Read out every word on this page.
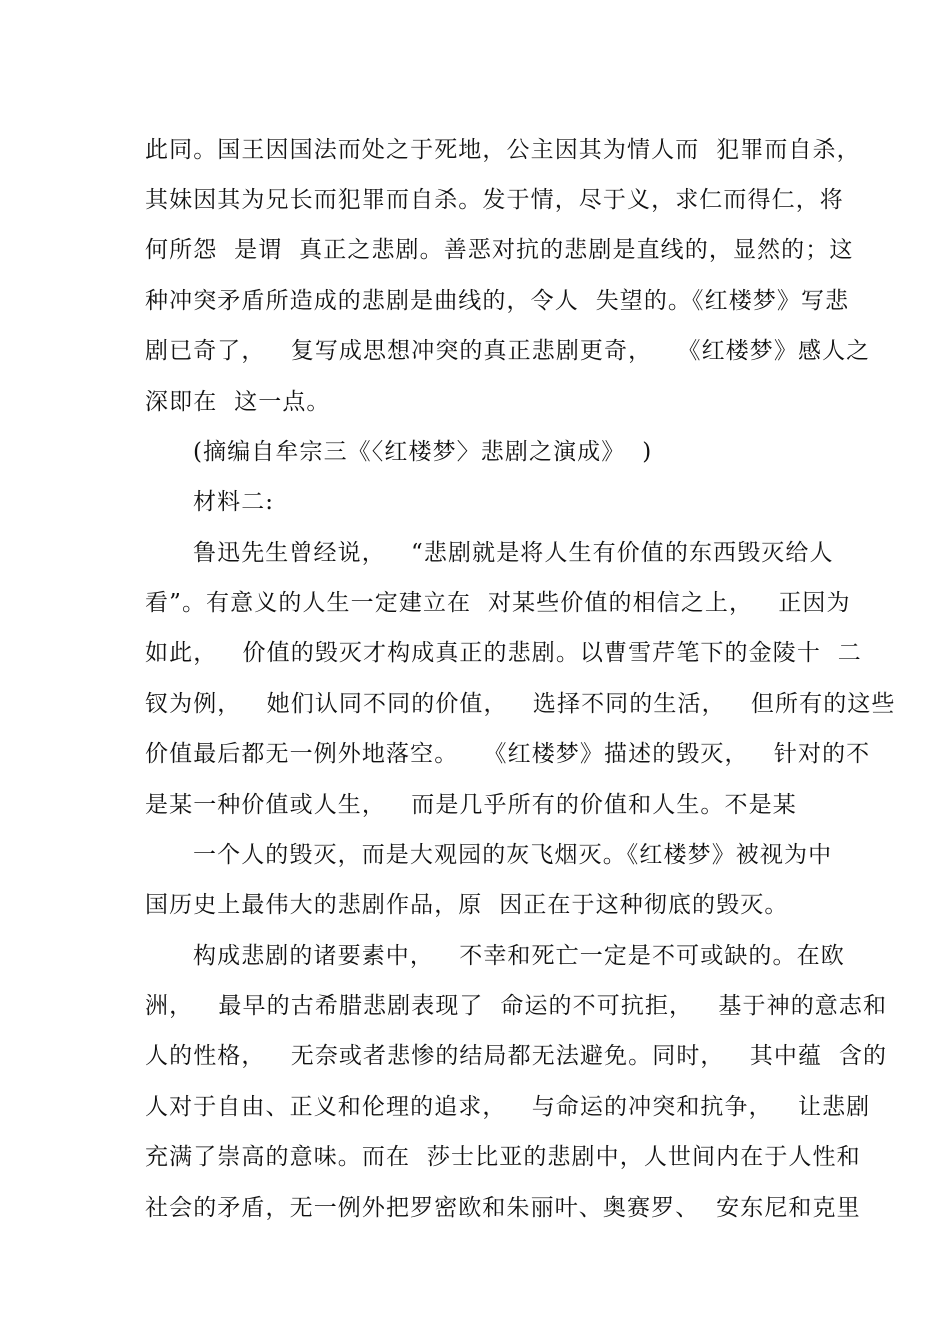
此同。国王因国法而处之于死地，公主因其为情人而  犯罪而自杀，
其妹因其为兄长而犯罪而自杀。发于情，尽于义，求仁而得仁，将
何所怨  是谓  真正之悲剧。善恶对抗的悲剧是直线的，显然的；这
种冲突矛盾所造成的悲剧是曲线的，令人  失望的。《红楼梦》写悲
剧已奇了，   复写成思想冲突的真正悲剧更奇，   《红楼梦》感人之
深即在  这一点。
(摘编自牟宗三《〈红楼梦〉悲剧之演成》  )
材料二:
鲁迅先生曾经说，   “悲剧就是将人生有价值的东西毁灭给人
看”。有意义的人生一定建立在  对某些价值的相信之上，   正因为
如此，   价值的毁灭才构成真正的悲剧。以曹雪芹笔下的金陵十  二
钗为例，   她们认同不同的价值，   选择不同的生活，   但所有的这些
价值最后都无一例外地落空。   《红楼梦》描述的毁灭，   针对的不
是某一种价值或人生，   而是几乎所有的价值和人生。不是某
一个人的毁灭，而是大观园的灰飞烟灭。《红楼梦》被视为中
国历史上最伟大的悲剧作品，原  因正在于这种彻底的毁灭。
构成悲剧的诸要素中，   不幸和死亡一定是不可或缺的。在欧
洲，   最早的古希腊悲剧表现了  命运的不可抗拒，   基于神的意志和
人的性格，   无奈或者悲惨的结局都无法避免。同时，   其中蕴  含的
人对于自由、正义和伦理的追求，   与命运的冲突和抗争，   让悲剧
充满了崇高的意味。而在  莎士比亚的悲剧中，人世间内在于人性和
社会的矛盾，无一例外把罗密欧和朱丽叶、奥赛罗、  安东尼和克里
